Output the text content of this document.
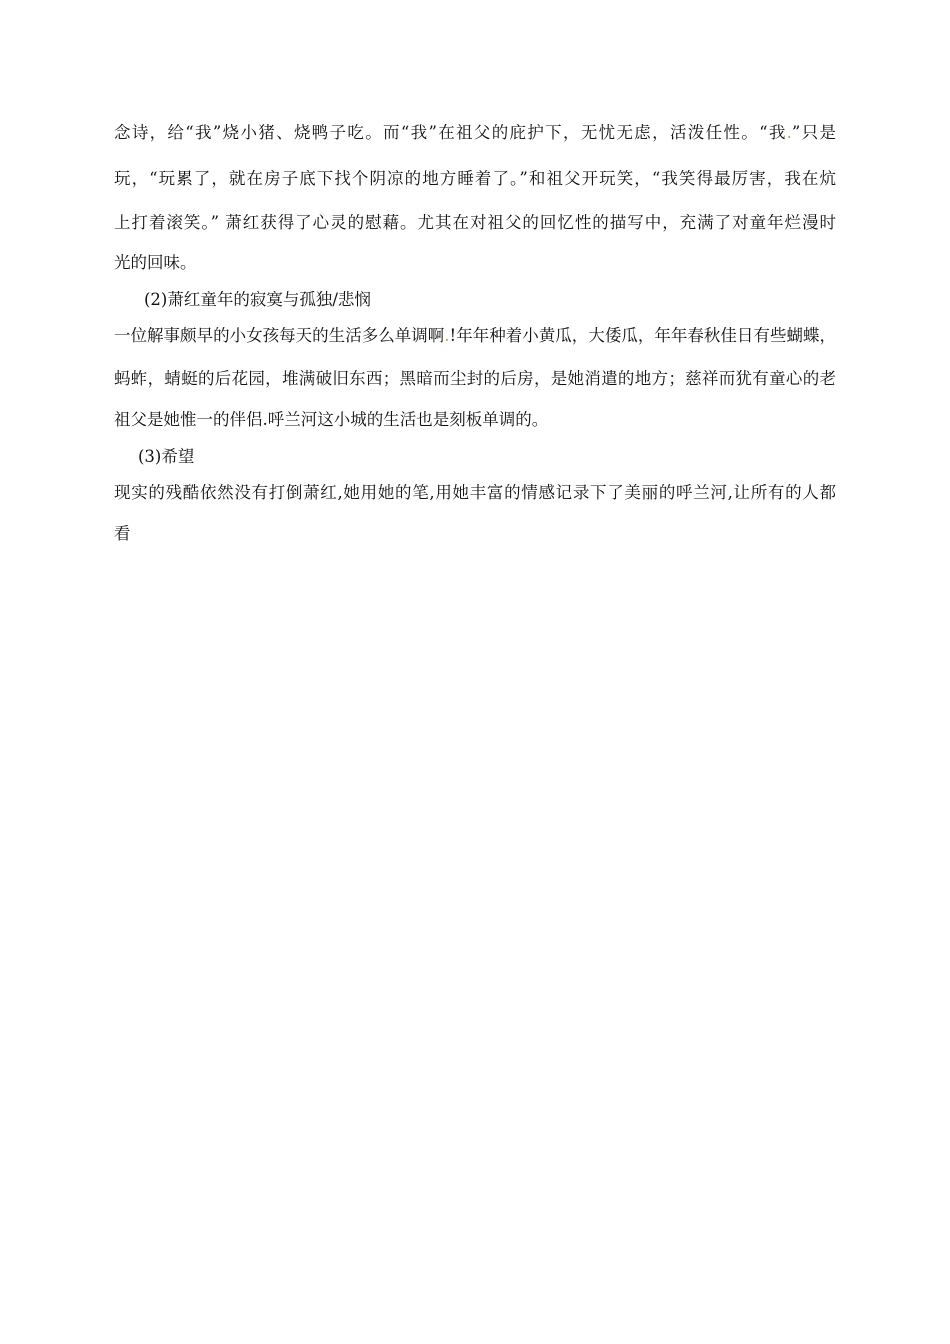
念诗，给“我”烧小猪、烧鸭子吃。而“我”在祖父的庇护下，无忧无虑，活泼任性。“我.”只是
玩，“玩累了，就在房子底下找个阴凉的地方睡着了。”和祖父开玩笑，“我笑得最厉害，我在炕
上打着滚笑。” 萧红获得了心灵的慰藉。尤其在对祖父的回忆性的描写中，充满了对童年烂漫时
光的回味。
(2)萧红童年的寂寞与孤独/悲悯
一位解事颇早的小女孩每天的生活多么单调啊.!年年种着小黄瓜，大倭瓜，年年春秋佳日有些蝴蝶，
蚂蚱，蜻蜓的后花园，堆满破旧东西；黑暗而尘封的后房，是她消遣的地方；慈祥而犹有童心的老
祖父是她惟一的伴侣.呼兰河这小城的生活也是刻板单调的。
(3)希望
现实的残酷依然没有打倒萧红,她用她的笔,用她丰富的情感记录下了美丽的呼兰河,让所有的人都
看
